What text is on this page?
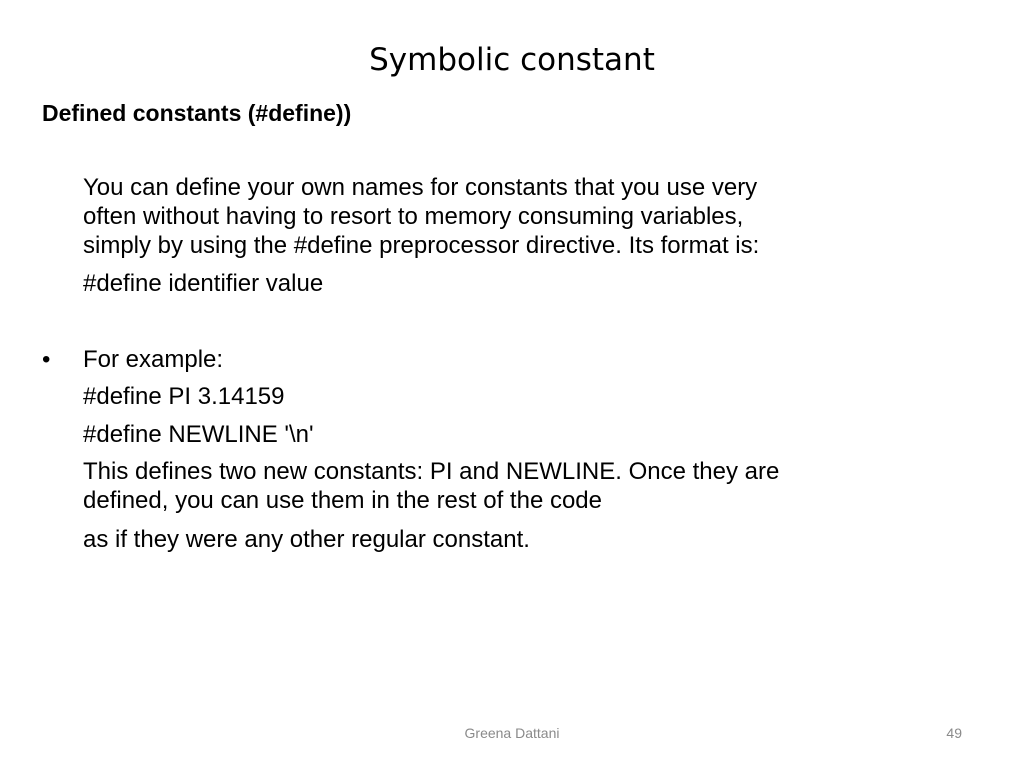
Symbolic constant
Defined constants (#define))
You can define your own names for constants that you use very
often without having to resort to memory consuming variables,
simply by using the #define preprocessor directive. Its format is:
#define identifier value
• For example:
#define PI 3.14159
#define NEWLINE '\n'
This defines two new constants: PI and NEWLINE. Once they are
defined, you can use them in the rest of the code
as if they were any other regular constant.
Greena Dattani	49
